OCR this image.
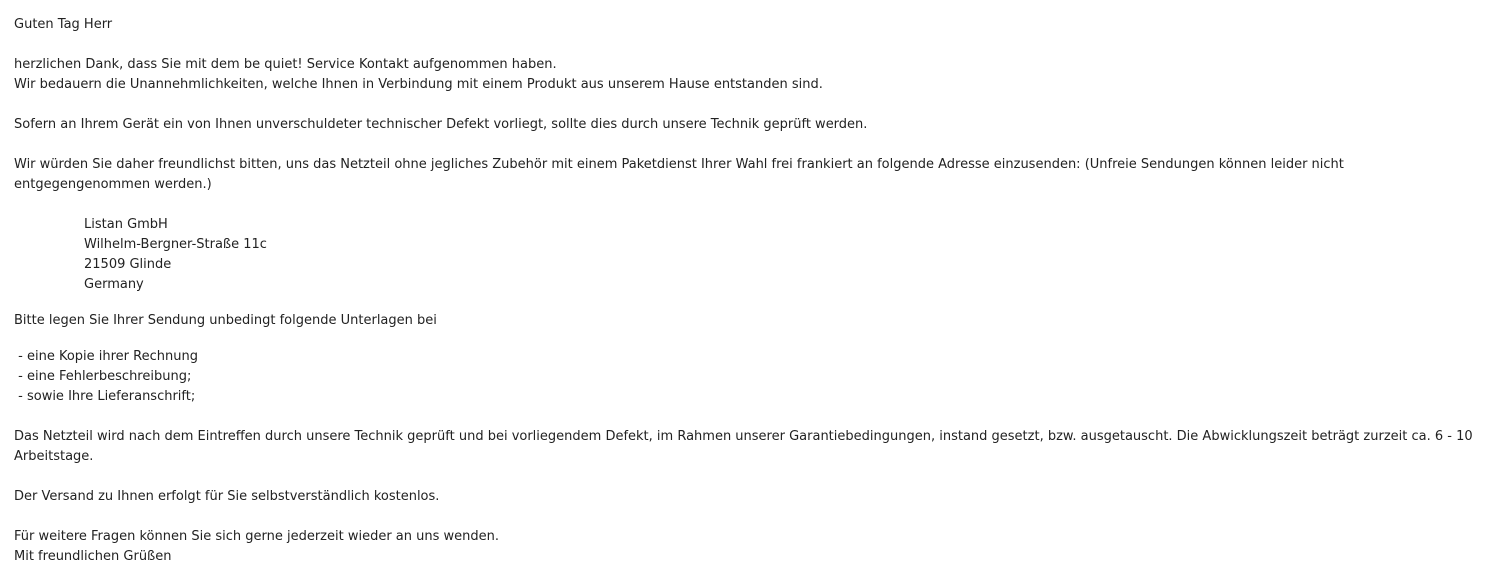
Guten Tag Herr
herzlichen Dank, dass Sie mit dem be quiet! Service Kontakt aufgenommen haben.
Wir bedauern die Unannehmlichkeiten, welche Ihnen in Verbindung mit einem Produkt aus unserem Hause entstanden sind.
Sofern an Ihrem Gerät ein von Ihnen unverschuldeter technischer Defekt vorliegt, sollte dies durch unsere Technik geprüft werden.
Wir würden Sie daher freundlichst bitten, uns das Netzteil ohne jegliches Zubehör mit einem Paketdienst Ihrer Wahl frei frankiert an folgende Adresse einzusenden: (Unfreie Sendungen können leider nicht entgegengenommen werden.)
Listan GmbH
Wilhelm-Bergner-Straße 11c
21509 Glinde
Germany
Bitte legen Sie Ihrer Sendung unbedingt folgende Unterlagen bei
- eine Kopie ihrer Rechnung
- eine Fehlerbeschreibung;
- sowie Ihre Lieferanschrift;
Das Netzteil wird nach dem Eintreffen durch unsere Technik geprüft und bei vorliegendem Defekt, im Rahmen unserer Garantiebedingungen, instand gesetzt, bzw. ausgetauscht. Die Abwicklungszeit beträgt zurzeit ca. 6 - 10 Arbeitstage.
Der Versand zu Ihnen erfolgt für Sie selbstverständlich kostenlos.
Für weitere Fragen können Sie sich gerne jederzeit wieder an uns wenden.
Mit freundlichen Grüßen
